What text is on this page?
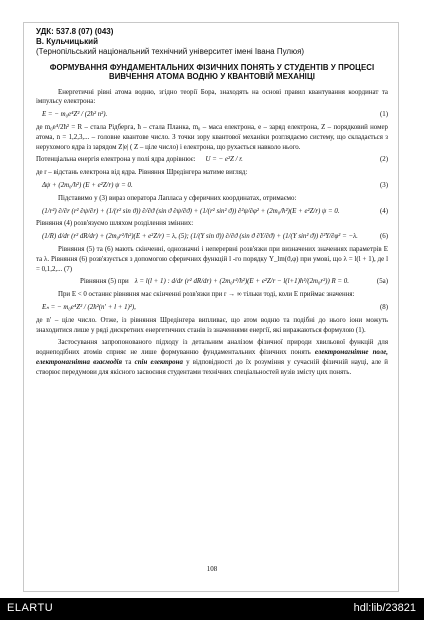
УДК: 537.8 (07) (043)
В. Кульчицький
(Тернопільський національний технічний університет імені Івана Пулюя)
ФОРМУВАННЯ ФУНДАМЕНТАЛЬНИХ ФІЗИЧНИХ ПОНЯТЬ У СТУДЕНТІВ У ПРОЦЕСІ ВИВЧЕННЯ АТОМА ВОДНЮ У КВАНТОВІЙ МЕХАНІЦІ

Енергетичні рівні атома водню, згідно теорії Бора, знаходять на основі правил квантування координат та імпульсу електрона:

E = − m₀e⁴Z² / (2ħ² n²).	(1)

де m₀e⁴/2ħ² = R – стала Рідберга, ħ – стала Планка, m₀ – маса електрона, e – заряд електрона, Z – порядковий номер атома, n = 1,2,3,... – головне квантове число. З точки зору квантової механіки розглядаємо систему, що складається з нерухомого ядра із зарядом Z|e| ( Z – ціле число) і електрона, що рухається навколо нього.

Потенціальна енергія електрона у полі ядра дорівнює:	U = − e²Z / r.	(2)

де r – відстань електрона від ядра. Рівняння Шредінгера матиме вигляд:

Δψ + (2m₀/ħ²) (E + e²Z/r) ψ = 0.	(3)

Підставимо у (3) вираз оператора Лапласа у сферичних координатах, отримаємо:

(1/r²) ∂/∂r (r² ∂ψ/∂r) + (1/(r² sin ϑ)) ∂/∂ϑ (sin ϑ ∂ψ/∂ϑ) + (1/(r² sin² ϑ)) ∂²ψ/∂φ² + (2m₀/ħ²)(E + e²Z/r) ψ = 0.	(4)

Рівняння (4) розв'язуємо шляхом розділення змінних:

(1/R) d/dr (r² dR/dr) + (2m₀r²/ħ²)(E + e²Z/r) = λ, (5); (1/(Y sin ϑ)) ∂/∂ϑ (sin ϑ ∂Y/∂ϑ) + (1/(Y sin² ϑ)) ∂²Y/∂φ² = −λ.	(6)

Рівняння (5) та (6) мають скінченні, однозначні і неперервні розв'язки при визначених значеннях параметрів E та λ. Рівняння (6) розв'язується з допомогою сферичних функцій l -го порядку Y_lm(ϑ,φ) при умові, що λ = l(l + 1), де l = 0,1,2,... (7)

Рівняння (5) при λ = l(l + 1) : d/dr (r² dR/dr) + (2m₀r²/ħ²)(E + e²Z/r − l(l+1)ħ²/(2m₀r²)) R = 0.	(5a)

При E < 0 останнє рівняння має скінченні розв'язки при r → ∞ тільки тоді, коли E приймає значення:

Eₙ = − m₀e⁴Z² / (2ħ²(n' + l + 1)²),	(8)

де n' – ціле число. Отже, із рівняння Шредінгера випливає, що атом водню та подібні до нього іони можуть знаходитися лише у ряді дискретних енергетичних станів із значеннями енергії, які виражаються формулою (1).

Застосування запропонованого підходу із детальним аналізом фізичної природи хвильової функцій для воднеподібних атомів сприяє не лише формуванню фундаментальних фізичних понять електромагнітне поле, електромагнітна взаємодія та спін електрона у відповідності до їх розуміння у сучасній фізичній науці, але й створює передумови для якісного засвоєння студентами технічних спеціальностей вузів змісту цих понять.

108
ELARTU	hdl:lib/23821
